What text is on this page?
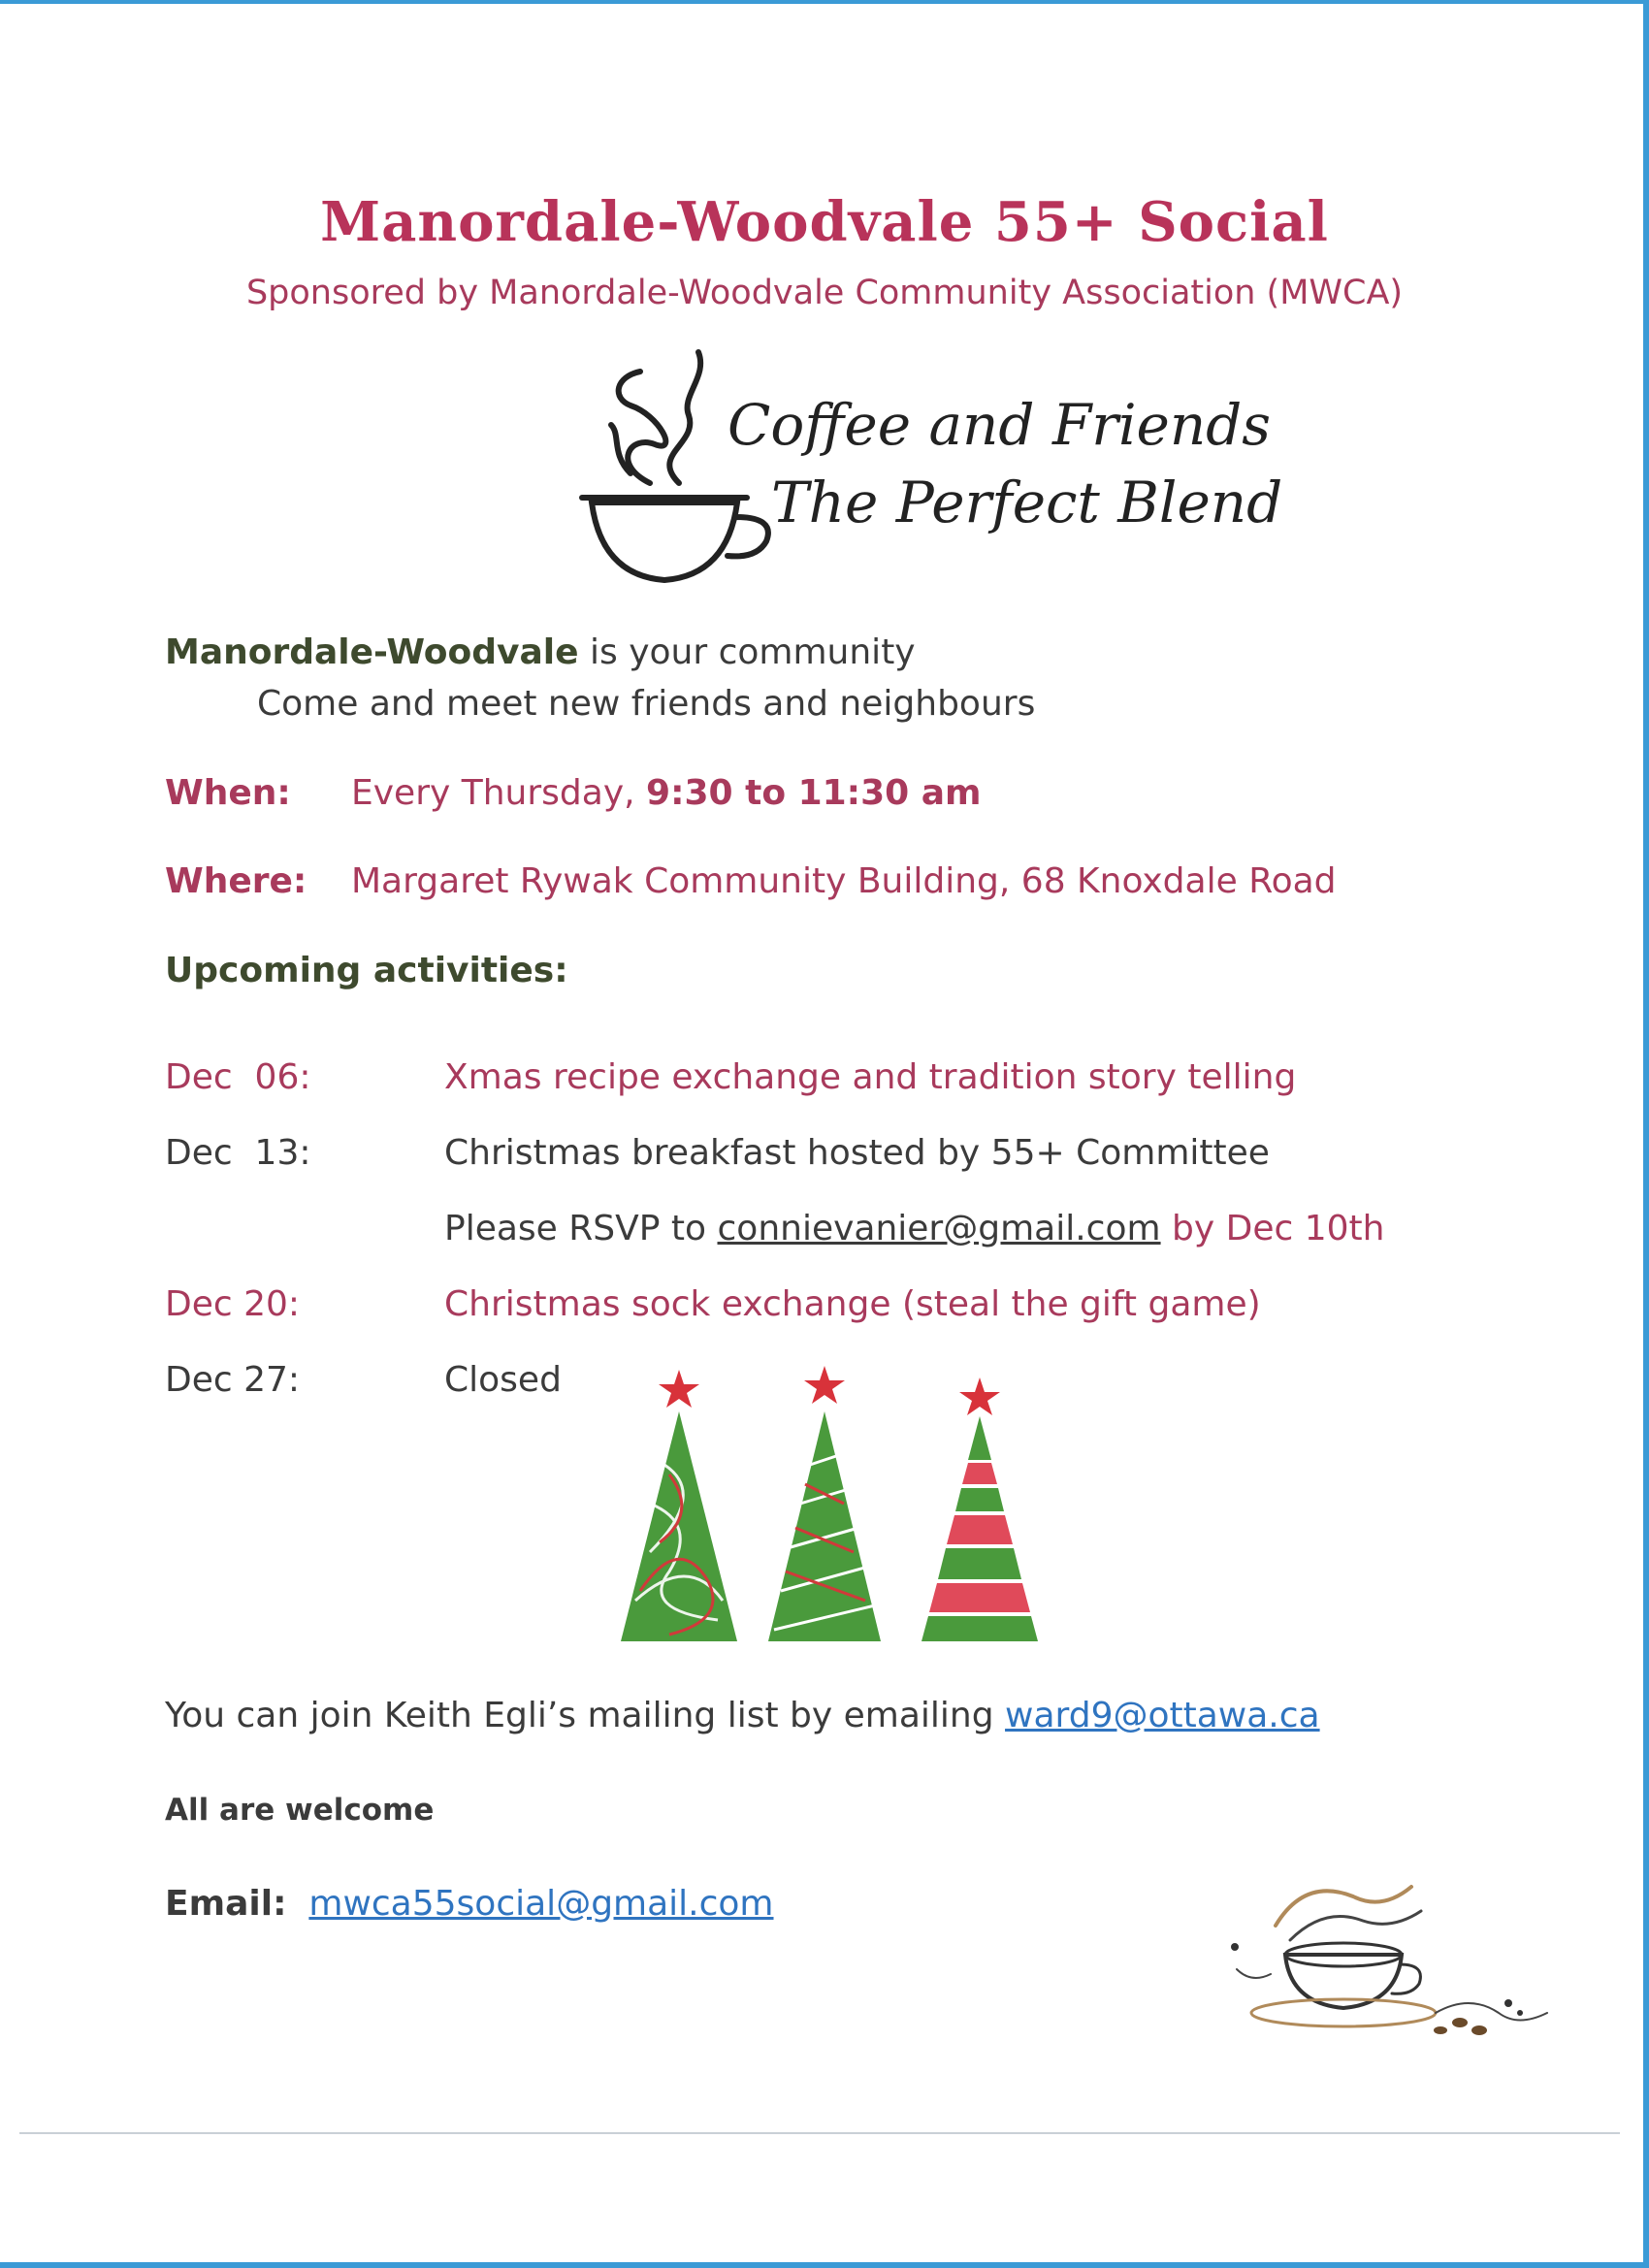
Manordale-Woodvale 55+ Social
Sponsored by Manordale-Woodvale Community Association (MWCA)
Coffee and Friends
The Perfect Blend
Manordale-Woodvale is your community
Come and meet new friends and neighbours
When: Every Thursday, 9:30 to 11:30 am
Where: Margaret Rywak Community Building, 68 Knoxdale Road
Upcoming activities:
Dec  06:	Xmas recipe exchange and tradition story telling
Dec  13:	Christmas breakfast hosted by 55+ Committee
Please RSVP to connievanier@gmail.com by Dec 10th
Dec 20:	Christmas sock exchange (steal the gift game)
Dec 27:	Closed
You can join Keith Egli’s mailing list by emailing ward9@ottawa.ca
All are welcome
Email: mwca55social@gmail.com
